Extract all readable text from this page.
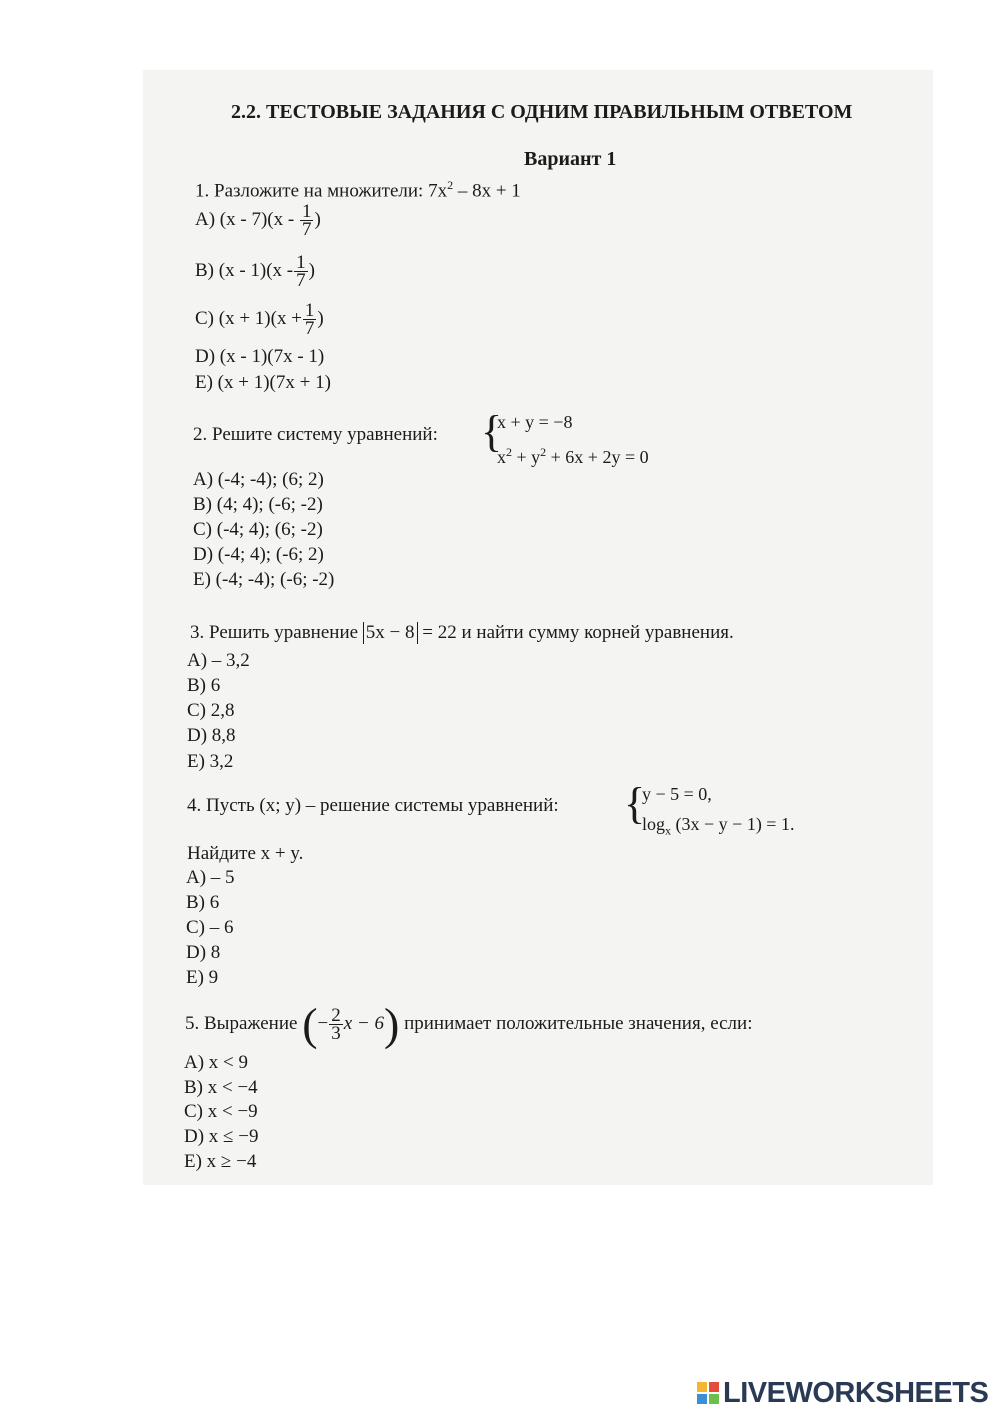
2.2. ТЕСТОВЫЕ ЗАДАНИЯ С ОДНИМ ПРАВИЛЬНЫМ ОТВЕТОМ
Вариант 1
1. Разложите на множители: $7x^2 - 8x + 1$
A) $(x - 7)(x - \frac{1}{7}$ )
B) $(x - 1)(x - \frac{1}{7}$ )
C) $(x + 1)(x + \frac{1}{7}$ )
D) (x - 1)(7x - 1)
E) (x + 1)(7x + 1)
2. Решите систему уравнений: {
x + y = −8
$x^2 + y^2 + 6x + 2y = 0$
A) (-4; -4); (6; 2)
B) (4; 4); (-6; -2)
C) (-4; 4); (6; -2)
D) (-4; 4); (-6; 2)
E) (-4; -4); (-6; -2)
3. Решить уравнение 5x − 8 = 22 и найти сумму корней уравнения.
A) – 3,2
B) 6
C) 2,8
D) 8,8
E) 3,2
4. Пусть (x; y) – решение системы уравнений: {
y − 5 = 0,
$\log_x (3x - y - 1) = 1$.
Найдите x + y.
A) – 5
B) 6
C) – 6
D) 8
E) 9
5. Выражение (− $\frac{2}{3}$ x − 6) принимает положительные значения, если:
A) x < 9
B) x < −4
C) x < −9
D) x ≤ −9
E) x ≥ −4
LIVEWORKSHEETS
